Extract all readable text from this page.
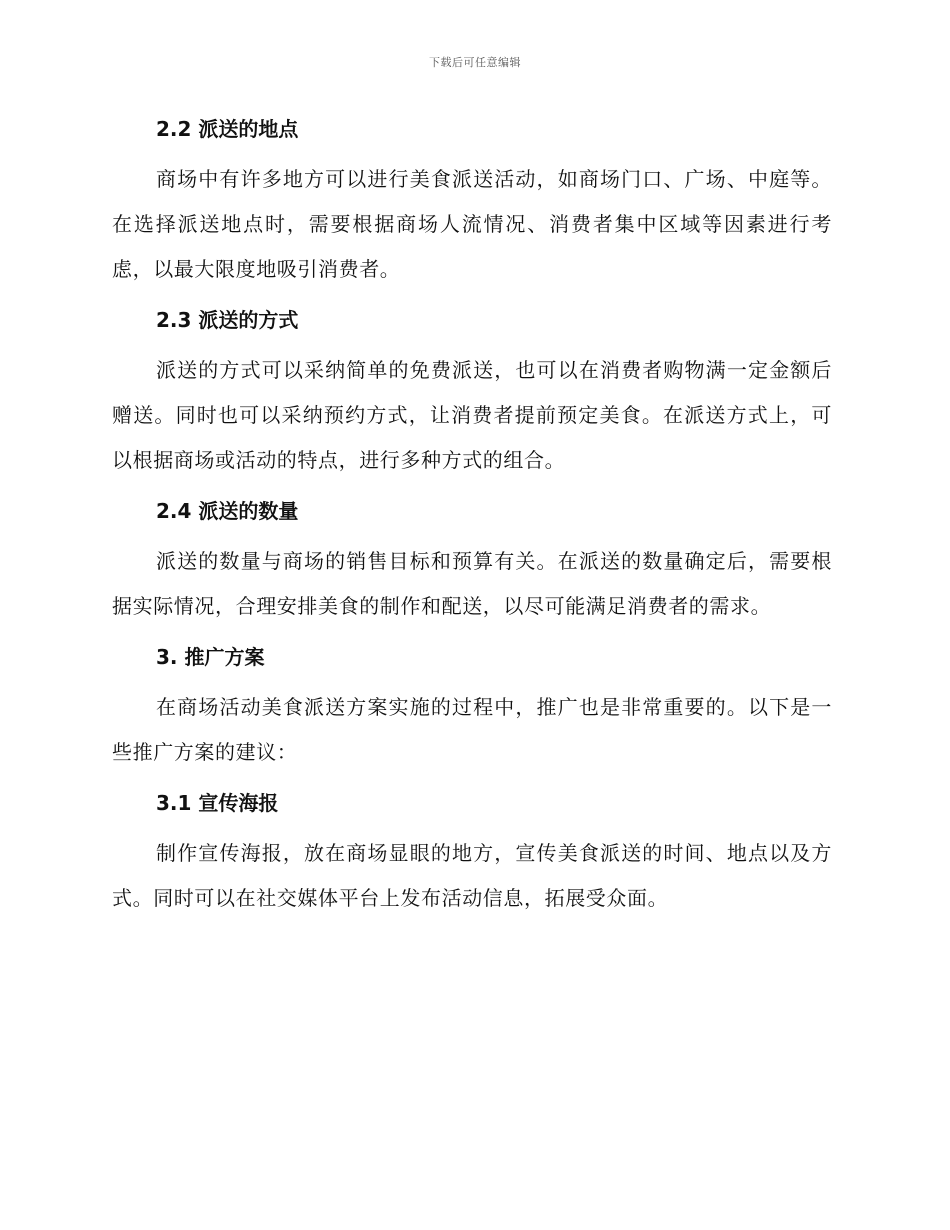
下载后可任意编辑
2.2 派送的地点

商场中有许多地方可以进行美食派送活动，如商场门口、广场、中庭等。在选择派送地点时，需要根据商场人流情况、消费者集中区域等因素进行考虑，以最大限度地吸引消费者。

2.3 派送的方式

派送的方式可以采纳简单的免费派送，也可以在消费者购物满一定金额后赠送。同时也可以采纳预约方式，让消费者提前预定美食。在派送方式上，可以根据商场或活动的特点，进行多种方式的组合。

2.4 派送的数量

派送的数量与商场的销售目标和预算有关。在派送的数量确定后，需要根据实际情况，合理安排美食的制作和配送，以尽可能满足消费者的需求。

3. 推广方案

在商场活动美食派送方案实施的过程中，推广也是非常重要的。以下是一些推广方案的建议：

3.1 宣传海报

制作宣传海报，放在商场显眼的地方，宣传美食派送的时间、地点以及方式。同时可以在社交媒体平台上发布活动信息，拓展受众面。
